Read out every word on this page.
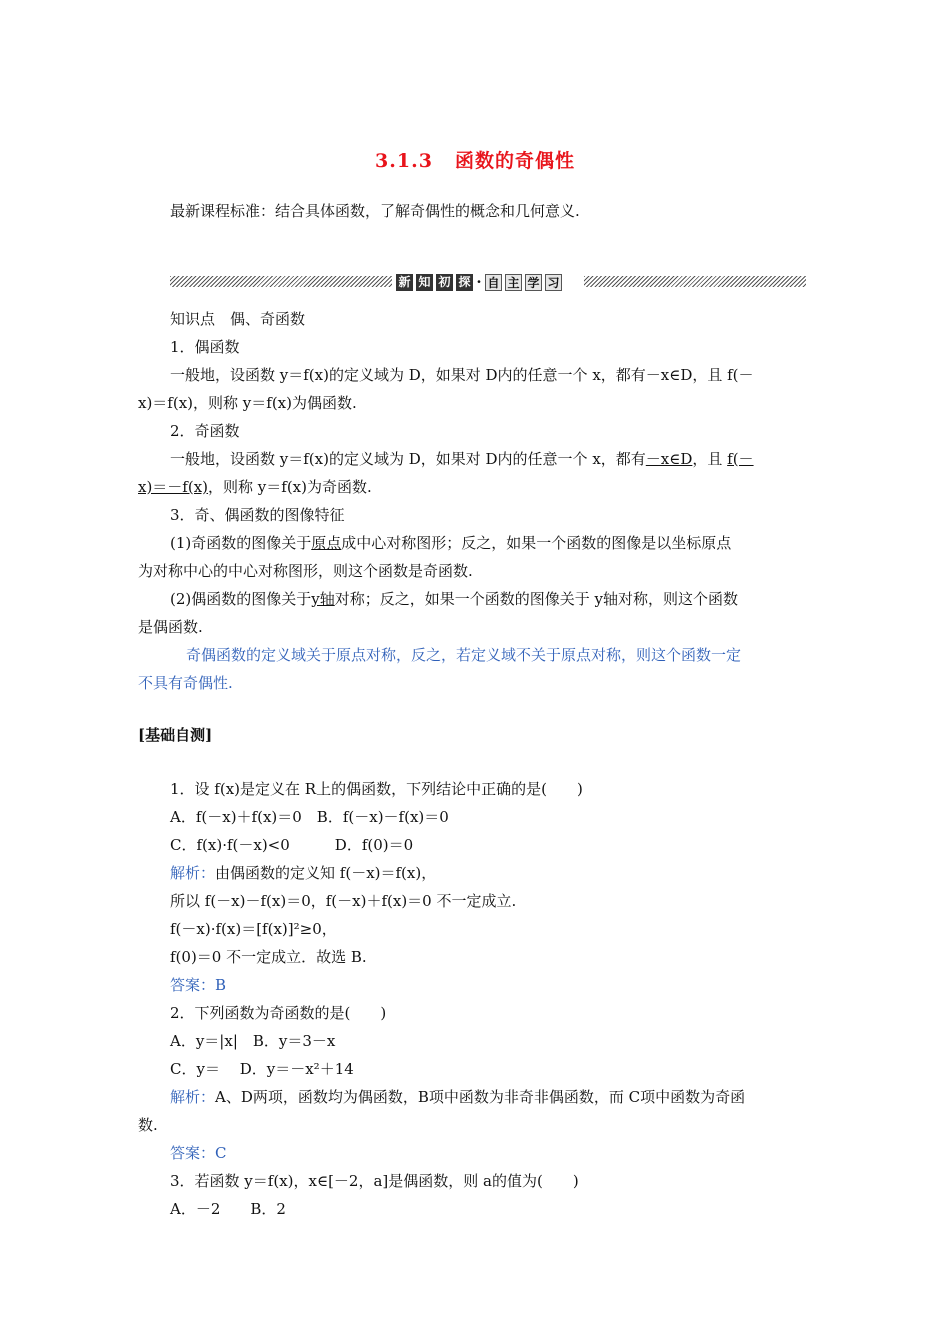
3.1.3 函数的奇偶性
最新课程标准：结合具体函数，了解奇偶性的概念和几何意义.
新 知 初 探 · 自 主 学 习
知识点　偶、奇函数
1．偶函数
一般地，设函数 y＝f(x)的定义域为 D，如果对 D内的任意一个 x，都有－x∈D，且 f(－
x)＝f(x)，则称 y＝f(x)为偶函数.
2．奇函数
一般地，设函数 y＝f(x)的定义域为 D，如果对 D内的任意一个 x，都有－x∈D，且 f(－
x)＝－f(x)，则称 y＝f(x)为奇函数.
3．奇、偶函数的图像特征
(1)奇函数的图像关于原点成中心对称图形；反之，如果一个函数的图像是以坐标原点
为对称中心的中心对称图形，则这个函数是奇函数.
(2)偶函数的图像关于y轴对称；反之，如果一个函数的图像关于 y轴对称，则这个函数
是偶函数.
奇偶函数的定义域关于原点对称，反之，若定义域不关于原点对称，则这个函数一定
不具有奇偶性.
[基础自测]
1．设 f(x)是定义在 R上的偶函数，下列结论中正确的是(　　)
A．f(－x)＋f(x)＝0　B．f(－x)－f(x)＝0
C．f(x)·f(－x)<0　　　D．f(0)＝0
解析：由偶函数的定义知 f(－x)＝f(x)，
所以 f(－x)－f(x)＝0，f(－x)＋f(x)＝0 不一定成立.
f(－x)·f(x)＝[f(x)]²≥0，
f(0)＝0 不一定成立．故选 B.
答案：B
2．下列函数为奇函数的是(　　)
A．y＝|x|　B．y＝3－x
C．y＝　 D．y＝－x²＋14
解析：A、D两项，函数均为偶函数，B项中函数为非奇非偶函数，而 C项中函数为奇函
数.
答案：C
3．若函数 y＝f(x)，x∈[－2，a]是偶函数，则 a的值为(　　)
A．－2　　B．2
